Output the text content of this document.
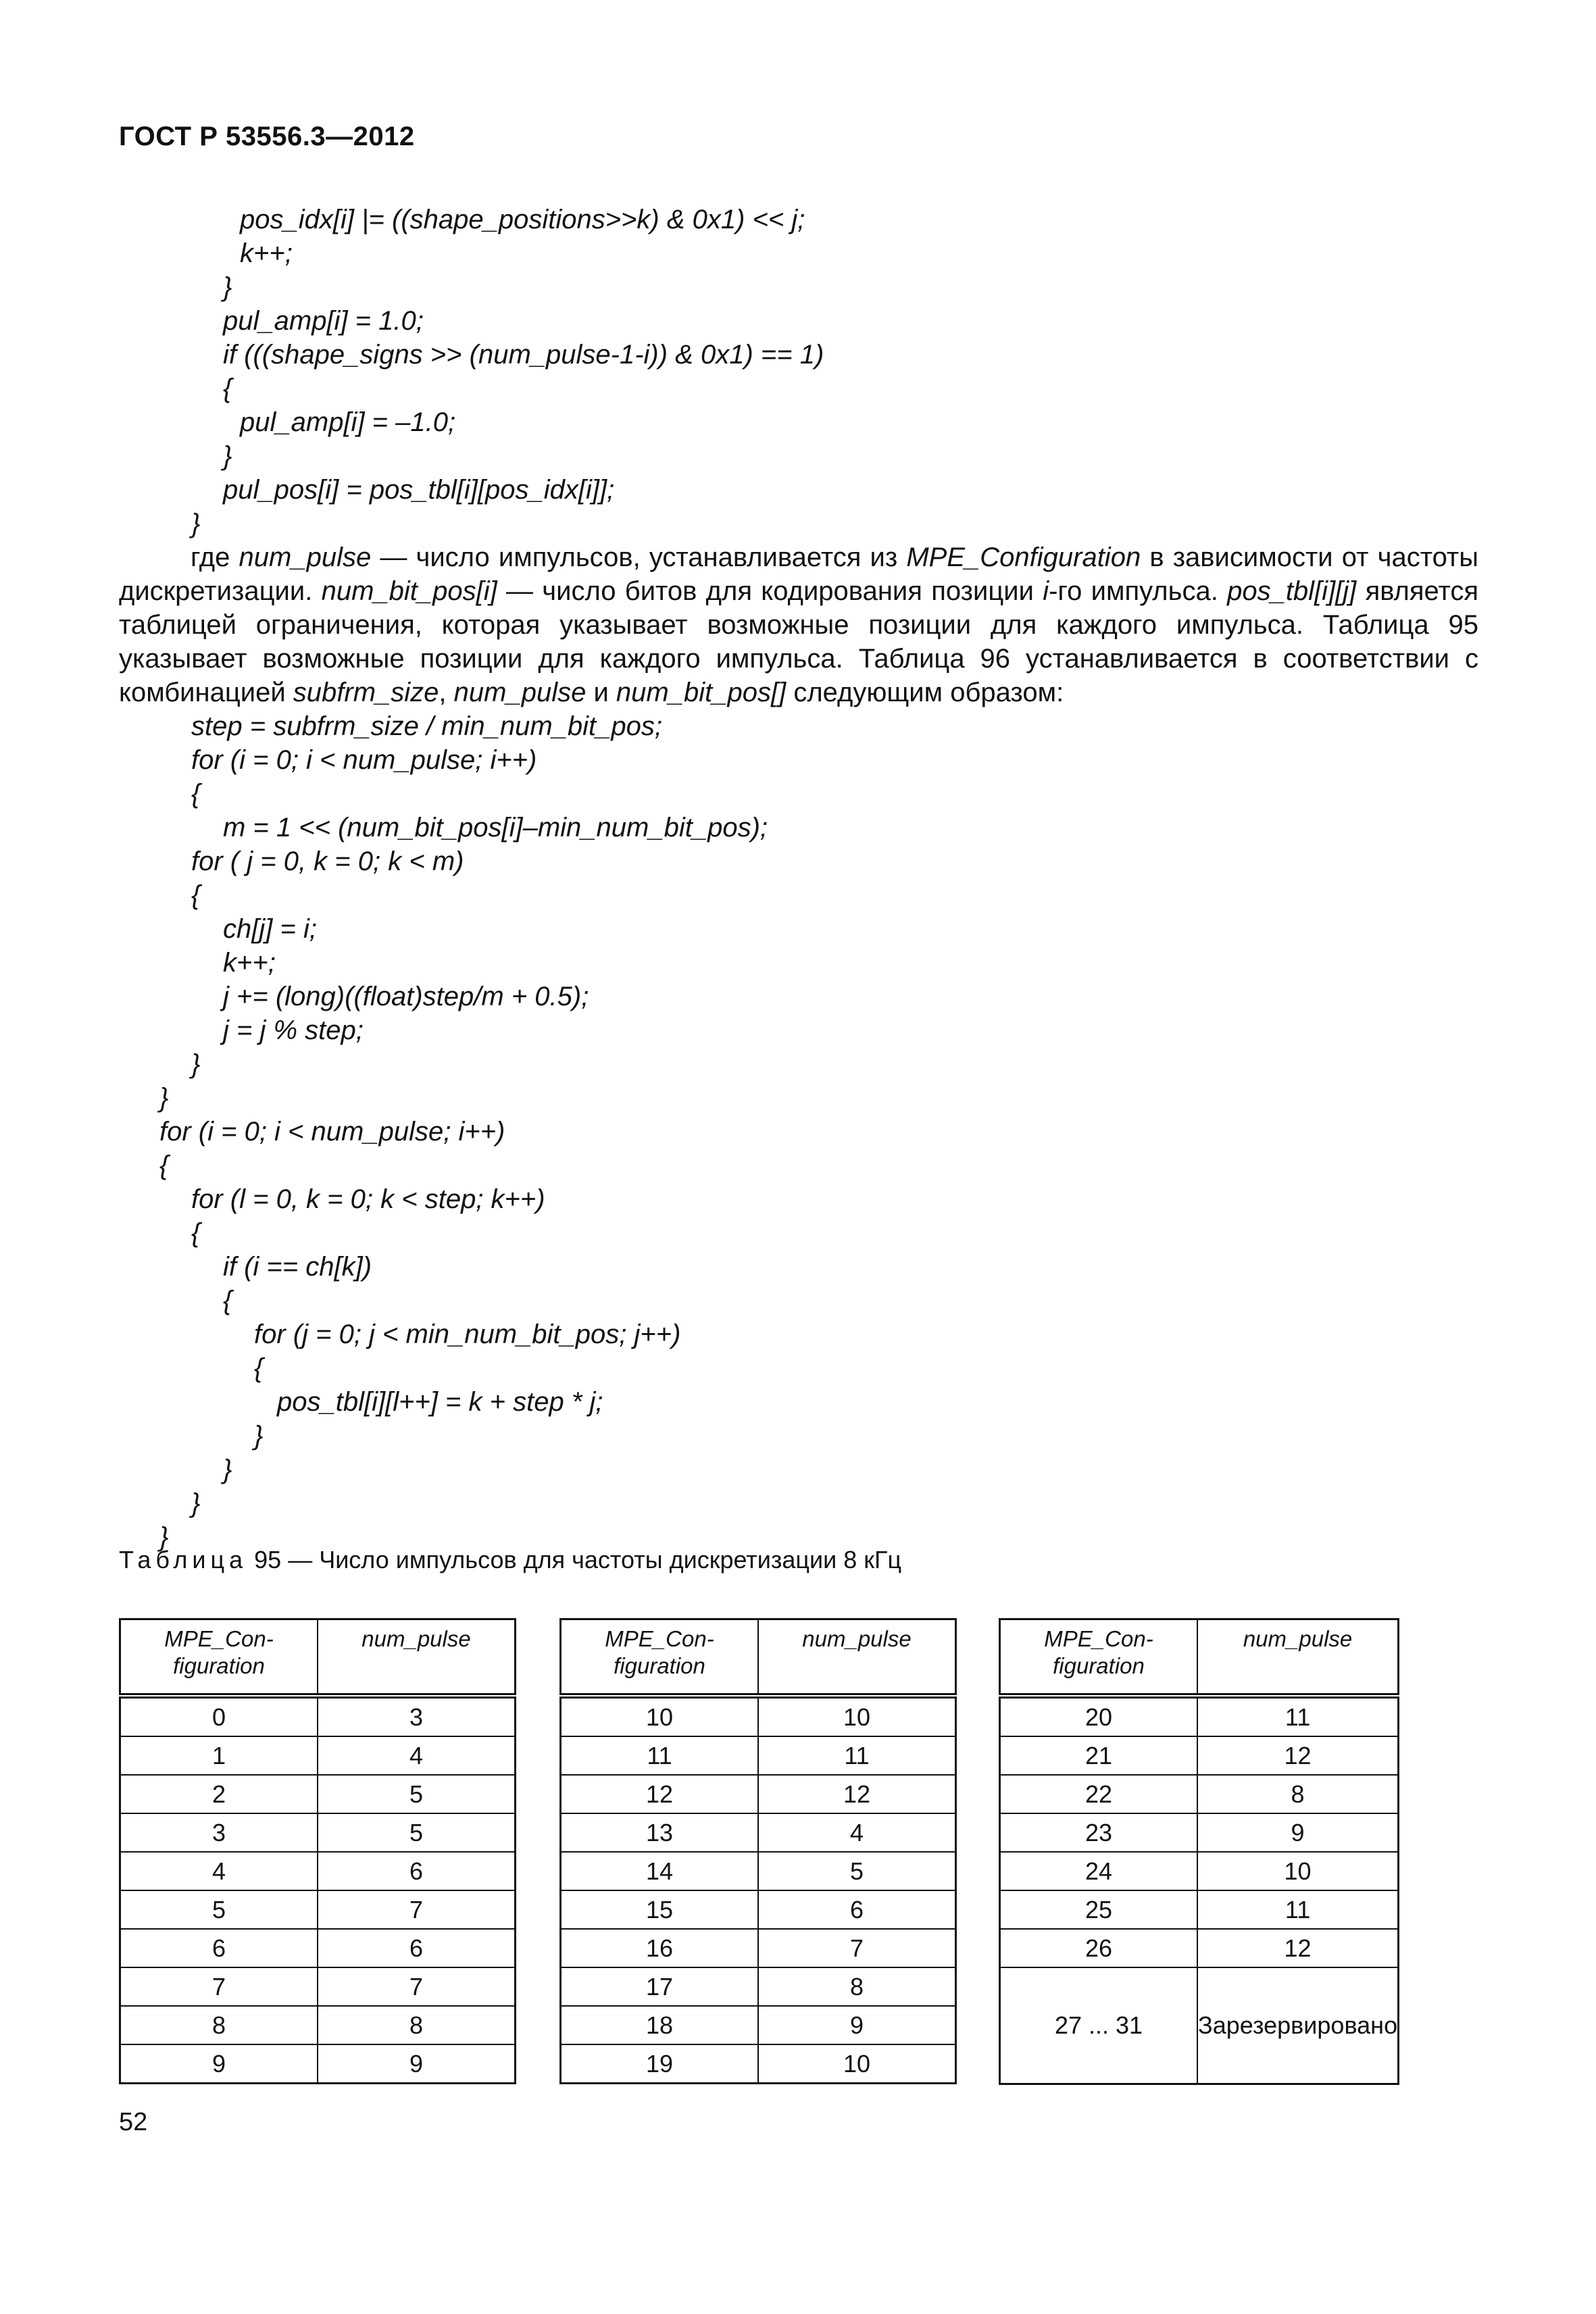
ГОСТ Р 53556.3—2012
pos_idx[i] |= ((shape_positions>>k) & 0x1) << j;
k++;
}
pul_amp[i] = 1.0;
if (((shape_signs >> (num_pulse-1-i)) & 0x1) == 1)
{
pul_amp[i] = –1.0;
}
pul_pos[i] = pos_tbl[i][pos_idx[i]];
}

где num_pulse — число импульсов, устанавливается из MPE_Configuration в зависимости от частоты дискретизации. num_bit_pos[i] — число битов для кодирования позиции i-го импульса. pos_tbl[i][j] является таблицей ограничения, которая указывает возможные позиции для каждого импульса. Таблица 95 указывает возможные позиции для каждого импульса. Таблица 96 устанавливается в соответствии с комбинацией subfrm_size, num_pulse и num_bit_pos[] следующим образом:

step = subfrm_size / min_num_bit_pos;
for (i = 0; i < num_pulse; i++)
{
m = 1 << (num_bit_pos[i]–min_num_bit_pos);
for ( j = 0, k = 0; k < m)
{
ch[j] = i;
k++;
j += (long)((float)step/m + 0.5);
j = j % step;
}
}
for (i = 0; i < num_pulse; i++)
{
for (l = 0, k = 0; k < step; k++)
{
if (i == ch[k])
{
for (j = 0; j < min_num_bit_pos; j++)
{
pos_tbl[i][l++] = k + step * j;
}
}
}
}
Таблица 95 — Число импульсов для частоты дискретизации 8 кГц
MPE_Con-
figuration	num_pulse
0	3
1	4
2	5
3	5
4	6
5	7
6	6
7	7
8	8
9	9
MPE_Con-
figuration	num_pulse
10	10
11	11
12	12
13	4
14	5
15	6
16	7
17	8
18	9
19	10
MPE_Con-
figuration	num_pulse
20	11
21	12
22	8
23	9
24	10
25	11
26	12
27 ... 31	Зарезервировано
52
